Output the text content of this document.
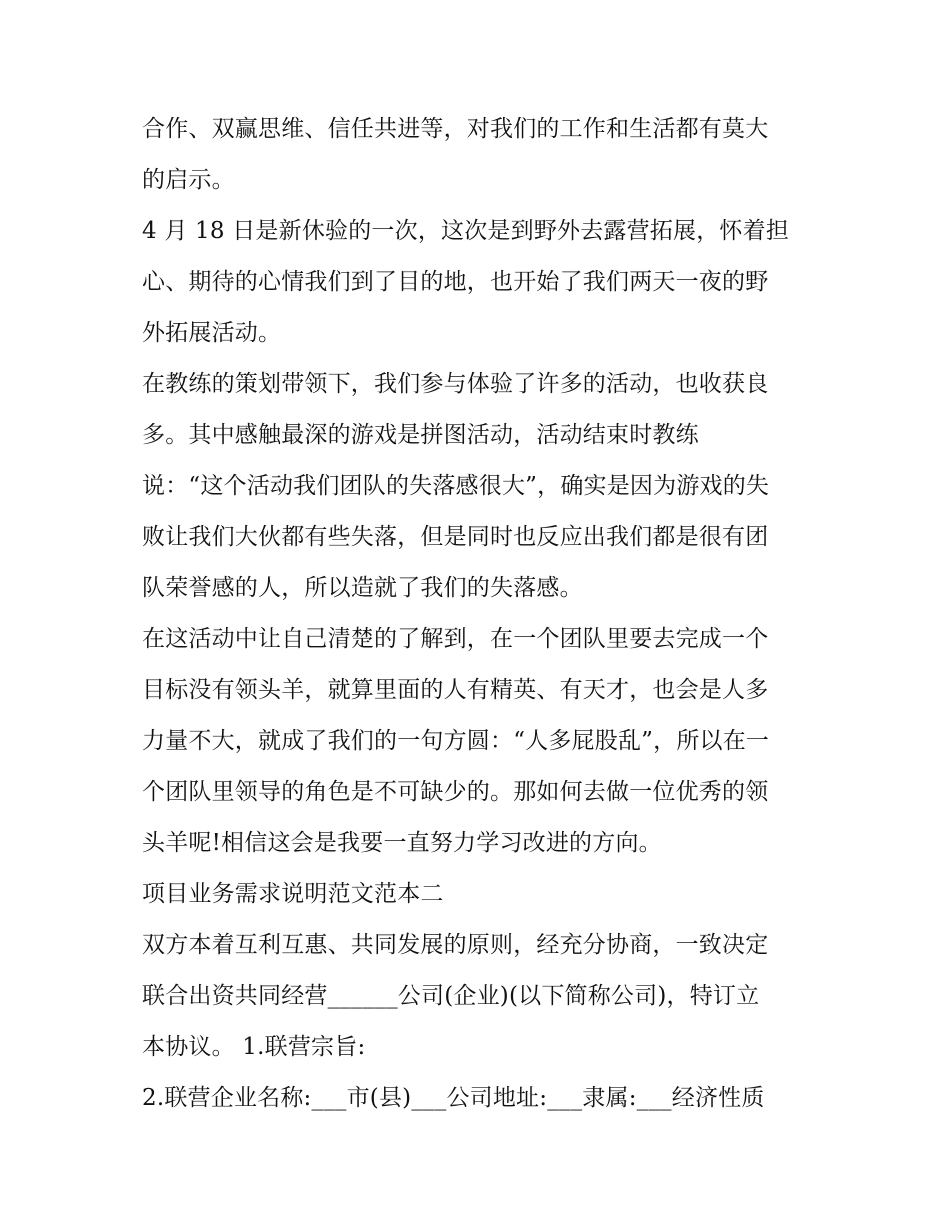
合作、双赢思维、信任共进等，对我们的工作和生活都有莫大
的启示。
4 月 18 日是新休验的一次，这次是到野外去露营拓展，怀着担
心、期待的心情我们到了目的地，也开始了我们两天一夜的野
外拓展活动。
在教练的策划带领下，我们参与体验了许多的活动，也收获良
多。其中感触最深的游戏是拼图活动，活动结束时教练
说：“这个活动我们团队的失落感很大”，确实是因为游戏的失
败让我们大伙都有些失落，但是同时也反应出我们都是很有团
队荣誉感的人，所以造就了我们的失落感。
在这活动中让自己清楚的了解到，在一个团队里要去完成一个
目标没有领头羊，就算里面的人有精英、有天才，也会是人多
力量不大，就成了我们的一句方圆：“人多屁股乱”，所以在一
个团队里领导的角色是不可缺少的。那如何去做一位优秀的领
头羊呢!相信这会是我要一直努力学习改进的方向。
项目业务需求说明范文范本二
双方本着互利互惠、共同发展的原则，经充分协商，一致决定
联合出资共同经营______公司(企业)(以下简称公司)，特订立
本协议。 1.联营宗旨:
2.联营企业名称:___市(县)___公司地址:___隶属:___经济性质
